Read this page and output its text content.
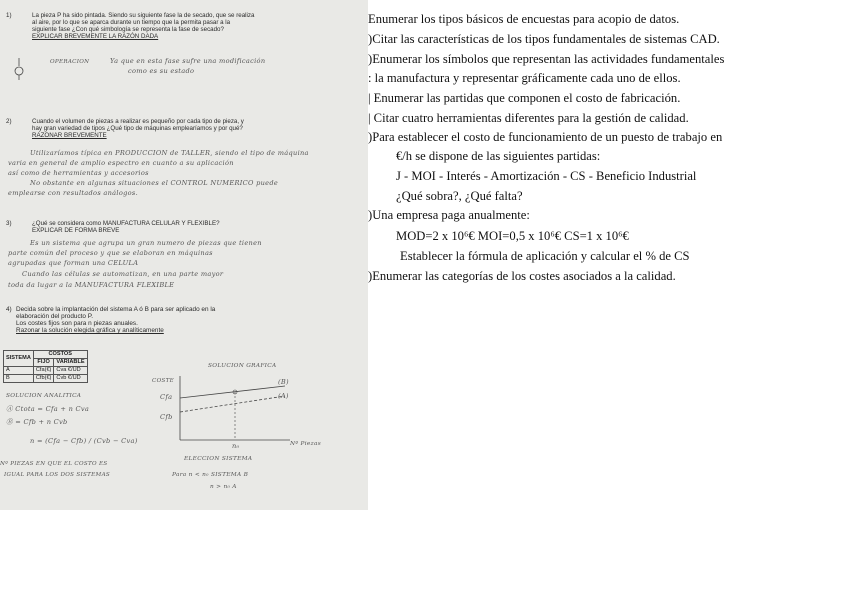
1)	La pieza P ha sido pintada. Siendo su siguiente fase la de secado, que se realiza
al aire, por lo que se aparca durante un tiempo que la permita pasar a la
siguiente fase ¿Con qué simbología se representa la fase de secado?
EXPLICAR BREVEMENTE LA RAZÓN DADA
OPERACION	Ya que en esta fase sufre una modificación
como es su estado
2)	Cuando el volumen de piezas a realizar es pequeño por cada tipo de pieza, y
hay gran variedad de tipos ¿Qué tipo de máquinas emplearíamos y por qué?
RAZONAR BREVEMENTE
Utilizaríamos típica en PRODUCCION de TALLER, siendo el tipo de máquina
varia en general de amplio espectro en cuanto a su aplicación
así como de herramientas y accesorios
No obstante en algunas situaciones el CONTROL NUMERICO puede
emplearse con resultados análogos.
3)	¿Qué se considera como MANUFACTURA CELULAR Y FLEXIBLE?
EXPLICAR DE FORMA BREVE
Es un sistema que agrupa un gran numero de piezas que tienen
parte común del proceso y que se elaboran en máquinas
agrupadas que forman una CELULA
Cuando las células se automatizan, en una parte mayor
toda da lugar a la MANUFACTURA FLEXIBLE
4) Decida sobre la implantación del sistema A ó B para ser aplicado en la
elaboración del producto P.
Los costes fijos son para n piezas anuales.
Razonar la solución elegida gráfica y analíticamente
SISTEMA	COSTOS	
	FIJO	VARIABLE
A	Cfa(€)	Cva €/UD
B	Cfb(€)	Cvb €/UD
SOLUCION ANALITICA
Ⓐ Ctota = Cfa + n Cva
Ⓑ = Cfb + n Cvb
n = (Cfa − Cfb) / (Cvb − Cva)
Nº PIEZAS EN QUE EL COSTO ES
IGUAL PARA LOS DOS SISTEMAS
SOLUCION GRAFICA
COSTE
Cfa
Cfb
(B)
(A)
n₀	Nº Piezas
ELECCION SISTEMA
Para n < n₀ SISTEMA B
n > n₀ A
Enumerar los tipos básicos de encuestas para acopio de datos.
)Citar las características de los tipos fundamentales de sistemas CAD.
)Enumerar los símbolos que representan las actividades fundamentales
: la manufactura y representar gráficamente cada uno de ellos.
| Enumerar las partidas que componen el costo de fabricación.
| Citar cuatro herramientas diferentes para la gestión de calidad.
)Para establecer el costo de funcionamiento de un puesto de trabajo en
€/h se dispone de las siguientes partidas:
J - MOI - Interés - Amortización - CS - Beneficio Industrial
¿Qué sobra?, ¿Qué falta?
)Una empresa paga anualmente:
MOD=2 x 10⁶€ MOI=0,5 x 10⁶€ CS=1 x 10⁶€
Establecer la fórmula de aplicación y calcular el % de CS
)Enumerar las categorías de los costes asociados a la calidad.
